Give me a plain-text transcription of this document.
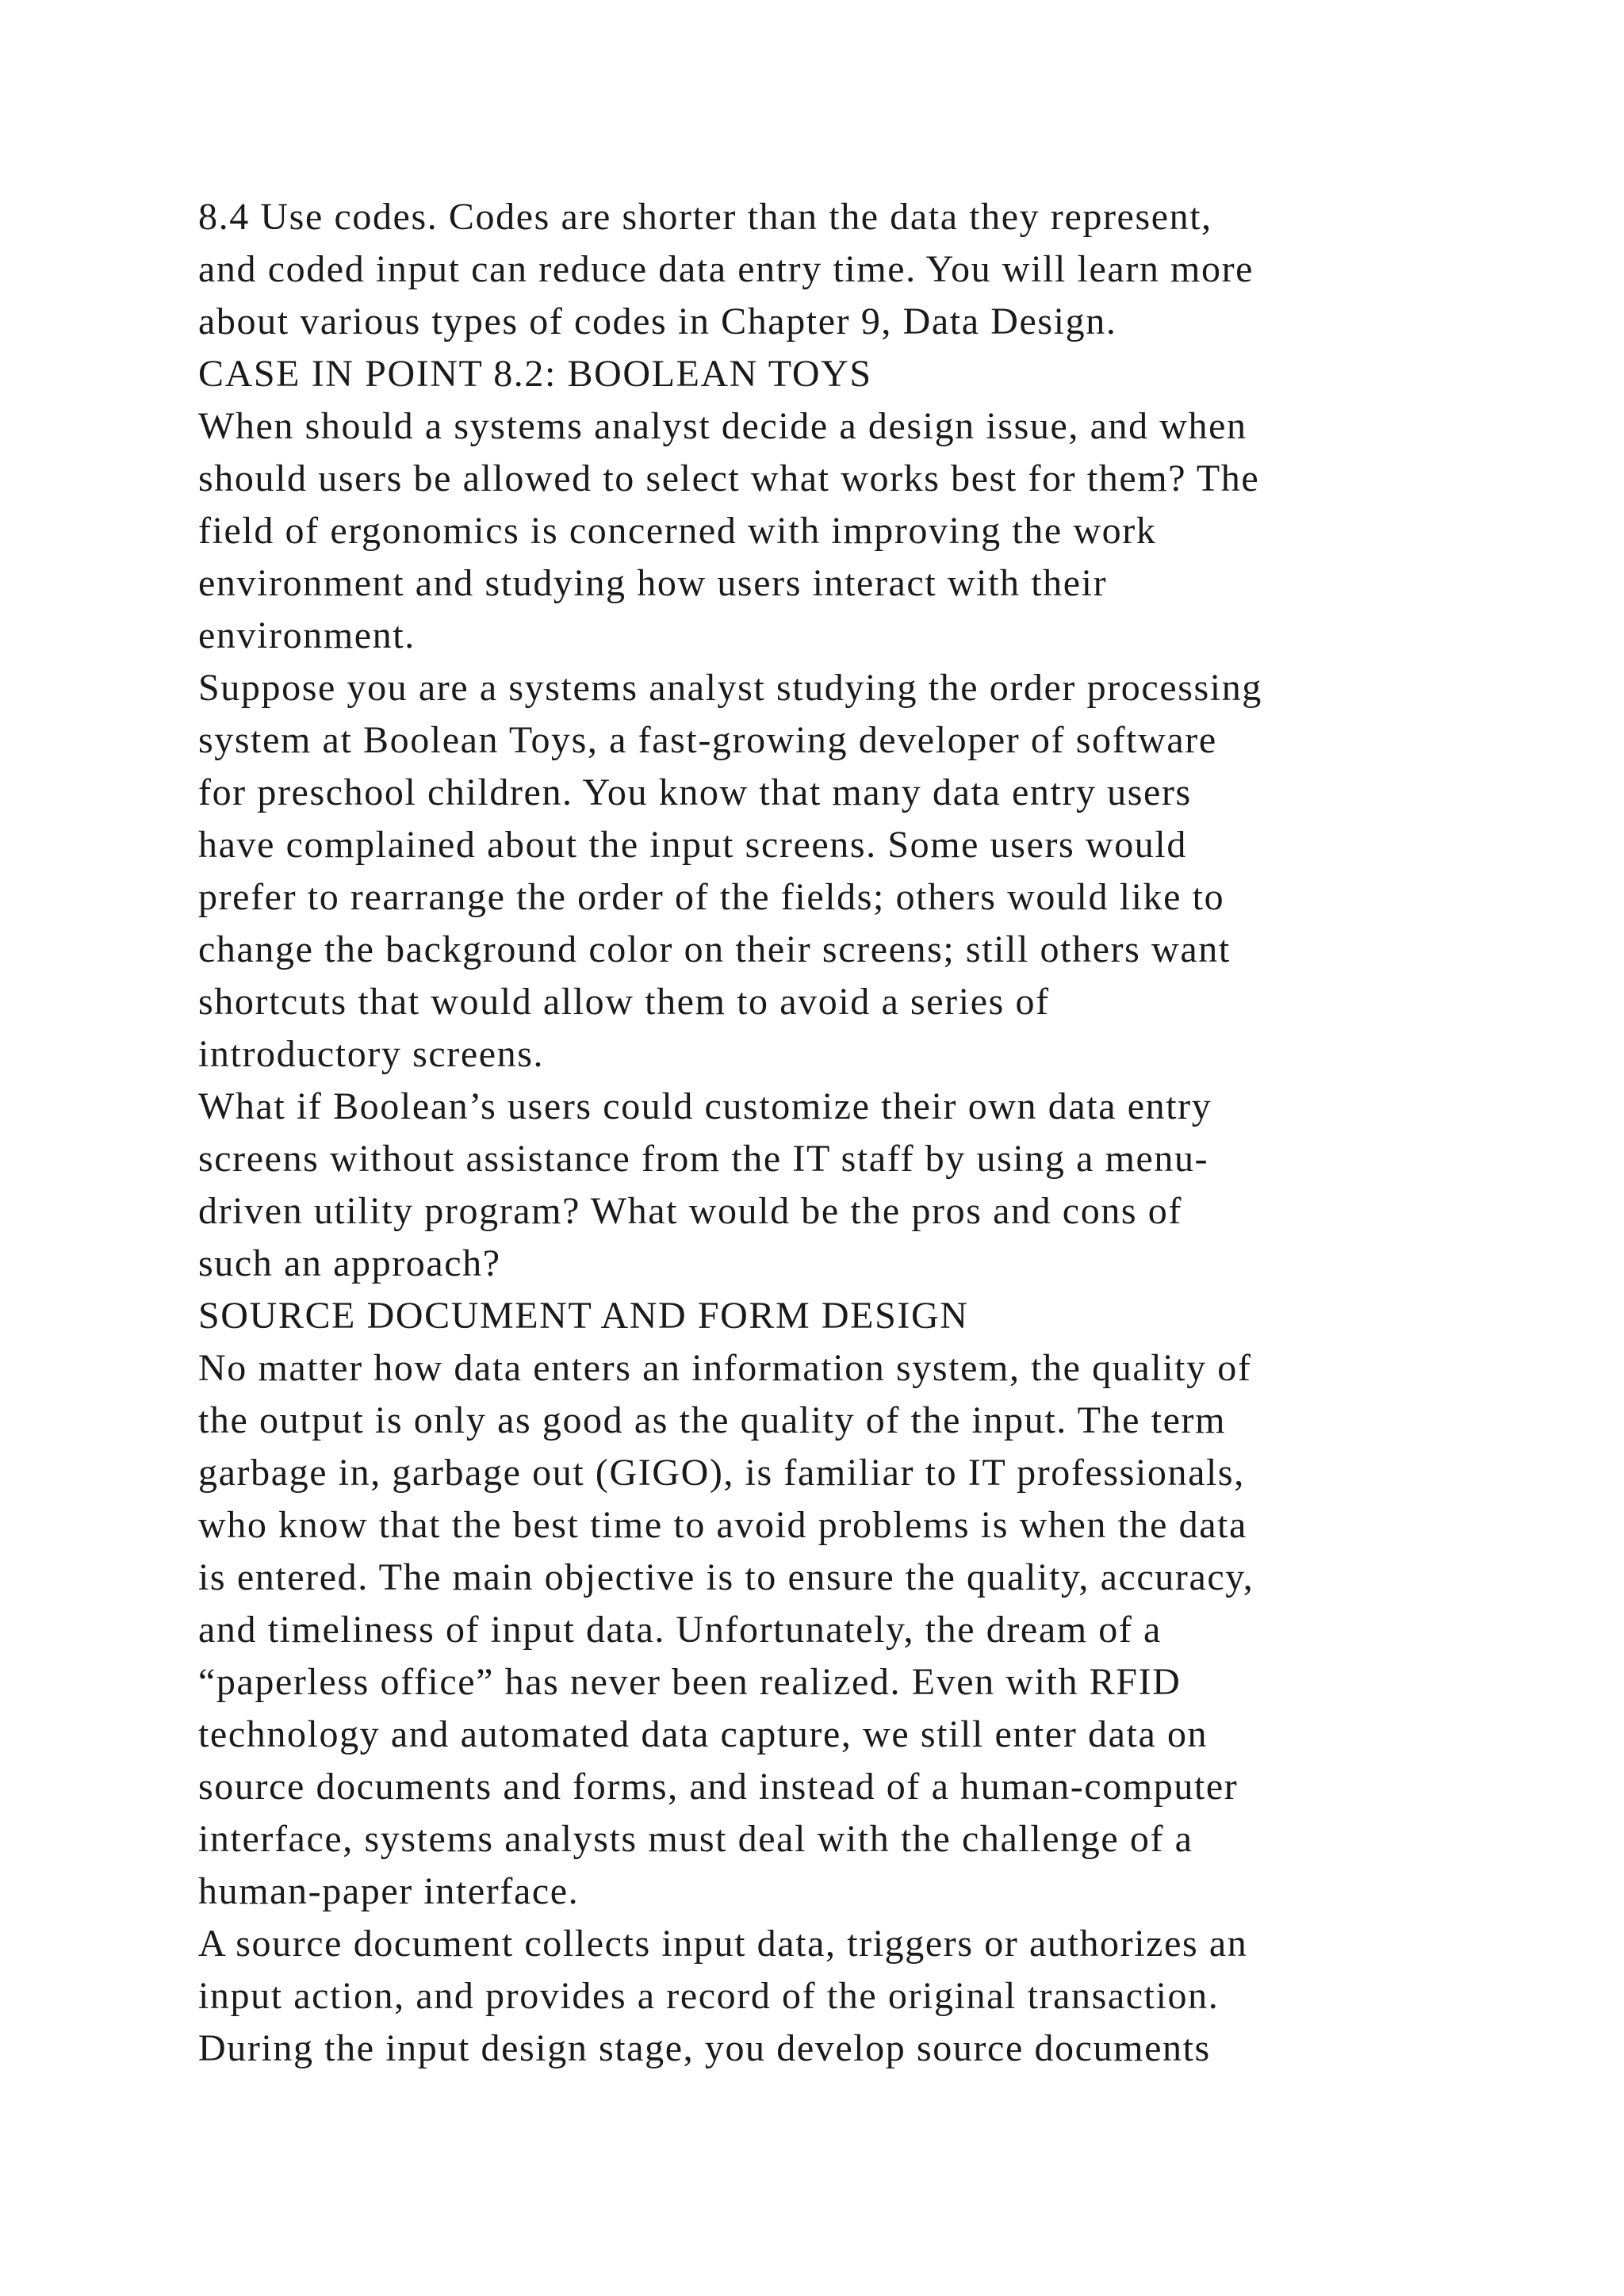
8.4 Use codes. Codes are shorter than the data they represent,
and coded input can reduce data entry time. You will learn more
about various types of codes in Chapter 9, Data Design.
CASE IN POINT 8.2: BOOLEAN TOYS
When should a systems analyst decide a design issue, and when
should users be allowed to select what works best for them? The
field of ergonomics is concerned with improving the work
environment and studying how users interact with their
environment.
Suppose you are a systems analyst studying the order processing
system at Boolean Toys, a fast-growing developer of software
for preschool children. You know that many data entry users
have complained about the input screens. Some users would
prefer to rearrange the order of the fields; others would like to
change the background color on their screens; still others want
shortcuts that would allow them to avoid a series of
introductory screens.
What if Boolean’s users could customize their own data entry
screens without assistance from the IT staff by using a menu-
driven utility program? What would be the pros and cons of
such an approach?
SOURCE DOCUMENT AND FORM DESIGN
No matter how data enters an information system, the quality of
the output is only as good as the quality of the input. The term
garbage in, garbage out (GIGO), is familiar to IT professionals,
who know that the best time to avoid problems is when the data
is entered. The main objective is to ensure the quality, accuracy,
and timeliness of input data. Unfortunately, the dream of a
“paperless office” has never been realized. Even with RFID
technology and automated data capture, we still enter data on
source documents and forms, and instead of a human-computer
interface, systems analysts must deal with the challenge of a
human-paper interface.
A source document collects input data, triggers or authorizes an
input action, and provides a record of the original transaction.
During the input design stage, you develop source documents
